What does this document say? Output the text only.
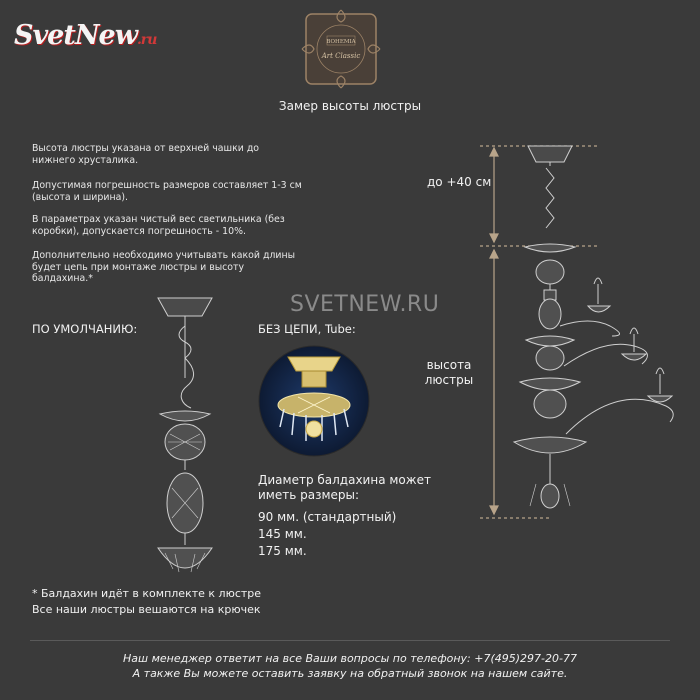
SvetNew.ru	BOHEMIA
Art Classic
Замер высоты люстры
Высота люстры указана от верхней чашки до нижнего хрусталика.
Допустимая погрешность размеров составляет 1-3 см (высота и ширина).
В параметрах указан чистый вес светильника (без коробки), допускается погрешность - 10%.
Дополнительно необходимо учитывать какой длины будет цепь при монтаже люстры и высоту балдахина.*
SVETNEW.RU
ПО УМОЛЧАНИЮ:	БЕЗ ЦЕПИ, Tube:
Диаметр балдахина может иметь размеры:
90 мм. (стандартный)
145 мм.
175 мм.
* Балдахин идёт в комплекте к люстре
Все наши люстры вешаются на крючек
до +40 см
высота люстры
Наш менеджер ответит на все Ваши вопросы по телефону: +7(495)297-20-77
А также Вы можете оставить заявку на обратный звонок на нашем сайте.
